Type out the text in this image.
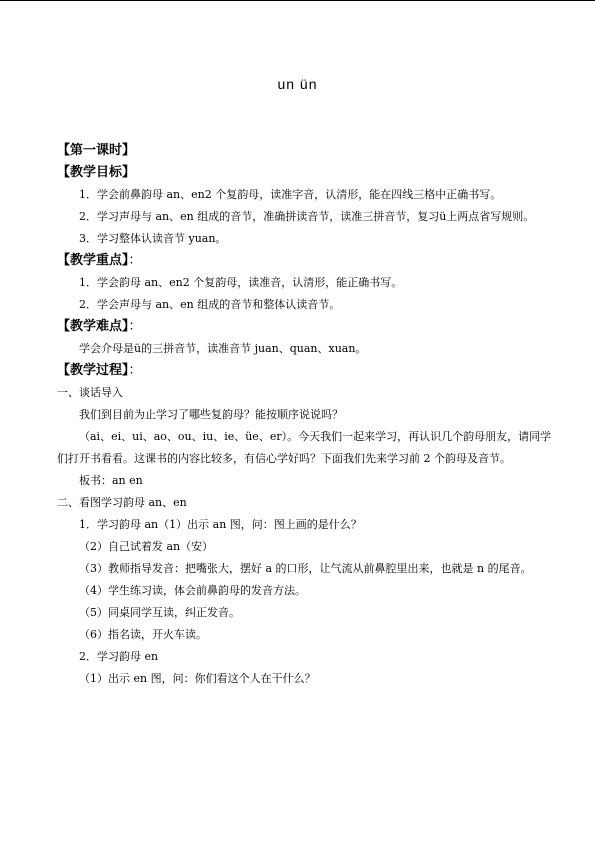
un ün
【第一课时】
【教学目标】
1．学会前鼻韵母 an、en2 个复韵母，读准字音，认清形，能在四线三格中正确书写。
2．学习声母与 an、en 组成的音节，准确拼读音节，读准三拼音节，复习ü上两点省写规则。
3．学习整体认读音节 yuan。
【教学重点】：
1．学会韵母 an、en2 个复韵母，读准音，认清形，能正确书写。
2．学会声母与 an、en 组成的音节和整体认读音节。
【教学难点】：
学会介母是ü的三拼音节，读准音节 juan、quan、xuan。
【教学过程】：
一、谈话导入
我们到目前为止学习了哪些复韵母？能按顺序说说吗？
（ai、ei、ui、ao、ou、iu、ie、üe、er）。今天我们一起来学习，再认识几个韵母朋友，请同学们打开书看看。这课书的内容比较多，有信心学好吗？下面我们先来学习前 2 个韵母及音节。
板书：an en
二、看图学习韵母 an、en
1．学习韵母 an（1）出示 an 图，问：图上画的是什么？
（2）自己试着发 an（安）
（3）教师指导发音：把嘴张大，摆好 a 的口形，让气流从前鼻腔里出来，也就是 n 的尾音。
（4）学生练习读，体会前鼻韵母的发音方法。
（5）同桌同学互读，纠正发音。
（6）指名读，开火车读。
2．学习韵母 en
（1）出示 en 图，问：你们看这个人在干什么？
